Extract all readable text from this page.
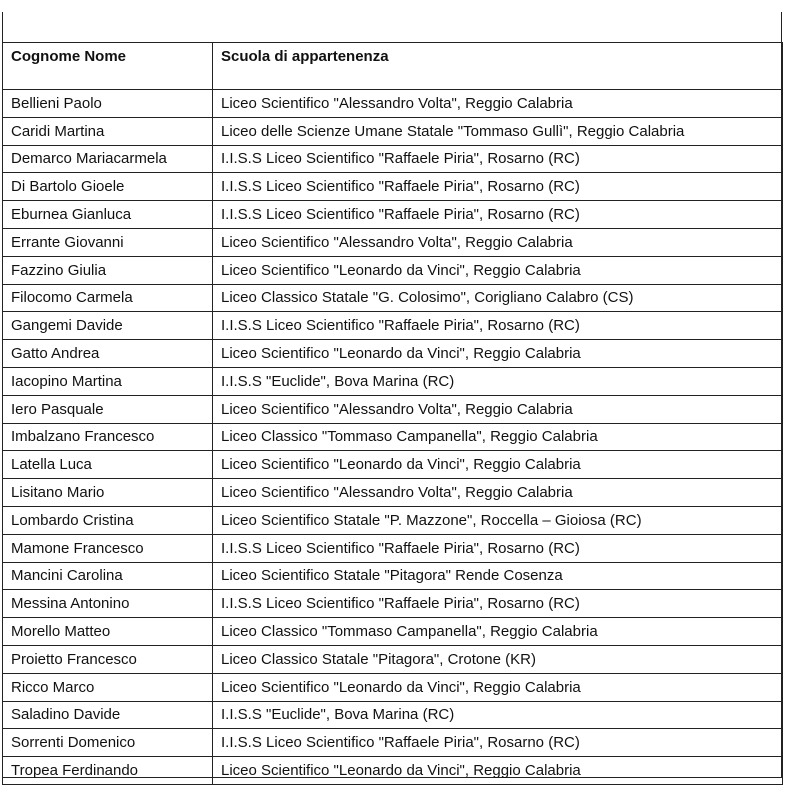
Cognome Nome	Scuola di appartenenza
Bellieni Paolo	Liceo Scientifico "Alessandro Volta", Reggio Calabria
Caridi Martina	Liceo delle Scienze Umane Statale "Tommaso Gullì", Reggio Calabria
Demarco Mariacarmela	I.I.S.S Liceo Scientifico "Raffaele Piria", Rosarno (RC)
Di Bartolo Gioele	I.I.S.S Liceo Scientifico "Raffaele Piria", Rosarno (RC)
Eburnea Gianluca	I.I.S.S Liceo Scientifico "Raffaele Piria", Rosarno (RC)
Errante Giovanni	Liceo Scientifico "Alessandro Volta", Reggio Calabria
Fazzino Giulia	Liceo Scientifico "Leonardo da Vinci", Reggio Calabria
Filocomo Carmela	Liceo Classico Statale "G. Colosimo", Corigliano Calabro (CS)
Gangemi Davide	I.I.S.S Liceo Scientifico "Raffaele Piria", Rosarno (RC)
Gatto Andrea	Liceo Scientifico "Leonardo da Vinci", Reggio Calabria
Iacopino Martina	I.I.S.S "Euclide", Bova Marina (RC)
Iero Pasquale	Liceo Scientifico "Alessandro Volta", Reggio Calabria
Imbalzano Francesco	Liceo Classico "Tommaso Campanella", Reggio Calabria
Latella Luca	Liceo Scientifico "Leonardo da Vinci", Reggio Calabria
Lisitano Mario	Liceo Scientifico "Alessandro Volta", Reggio Calabria
Lombardo Cristina	Liceo Scientifico Statale "P. Mazzone", Roccella – Gioiosa (RC)
Mamone Francesco	I.I.S.S Liceo Scientifico "Raffaele Piria", Rosarno (RC)
Mancini Carolina	Liceo Scientifico Statale "Pitagora" Rende Cosenza
Messina Antonino	I.I.S.S Liceo Scientifico "Raffaele Piria", Rosarno (RC)
Morello Matteo	Liceo Classico "Tommaso Campanella", Reggio Calabria
Proietto Francesco	Liceo Classico Statale "Pitagora", Crotone (KR)
Ricco Marco	Liceo Scientifico "Leonardo da Vinci", Reggio Calabria
Saladino Davide	I.I.S.S "Euclide", Bova Marina (RC)
Sorrenti Domenico	I.I.S.S Liceo Scientifico "Raffaele Piria", Rosarno (RC)
Tropea Ferdinando	Liceo Scientifico "Leonardo da Vinci", Reggio Calabria
